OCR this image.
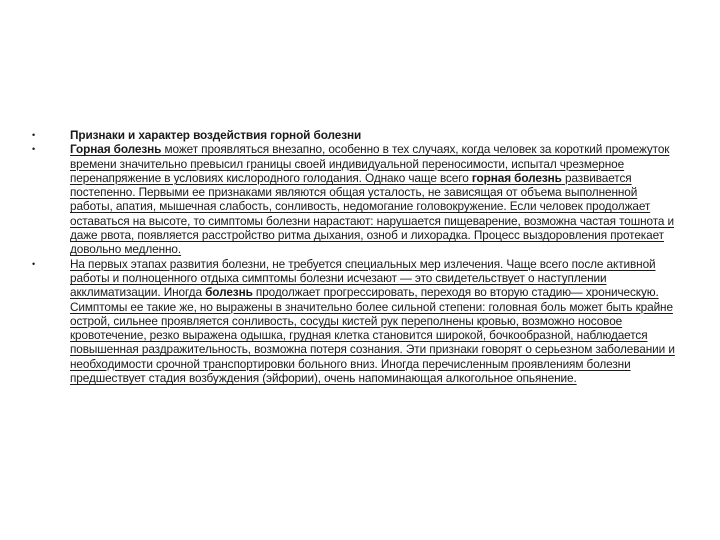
•	Признаки и характер воздействия горной болезни
•	Горная болезнь может проявляться внезапно, особенно в тех случаях, когда человек за короткий промежуток времени значительно превысил границы своей индивидуальной переносимости, испытал чрезмерное перенапряжение в условиях кислородного голодания. Однако чаще всего горная болезнь развивается постепенно. Первыми ее признаками являются общая усталость, не зависящая от объема выполненной работы, апатия, мышечная слабость, сонливость, недомогание головокружение. Если человек продолжает оставаться на высоте, то симптомы болезни нарастают: нарушается пищеварение, возможна частая тошнота и даже рвота, появляется расстройство ритма дыхания, озноб и лихорадка. Процесс выздоровления протекает довольно медленно.
•	На первых этапах развития болезни, не требуется специальных мер излечения. Чаще всего после активной работы и полноценного отдыха симптомы болезни исчезают — это свидетельствует о наступлении акклиматизации. Иногда болезнь продолжает прогрессировать, переходя во вторую стадию— хроническую. Симптомы ее такие же, но выражены в значительно более сильной степени: головная боль может быть крайне острой, сильнее проявляется сонливость, сосуды кистей рук переполнены кровью, возможно носовое кровотечение, резко выражена одышка, грудная клетка становится широкой, бочкообразной, наблюдается повышенная раздражительность, возможна потеря сознания. Эти признаки говорят о серьезном заболевании и необходимости срочной транспортировки больного вниз. Иногда перечисленным проявлениям болезни предшествует стадия возбуждения (эйфории), очень напоминающая алкогольное опьянение.
